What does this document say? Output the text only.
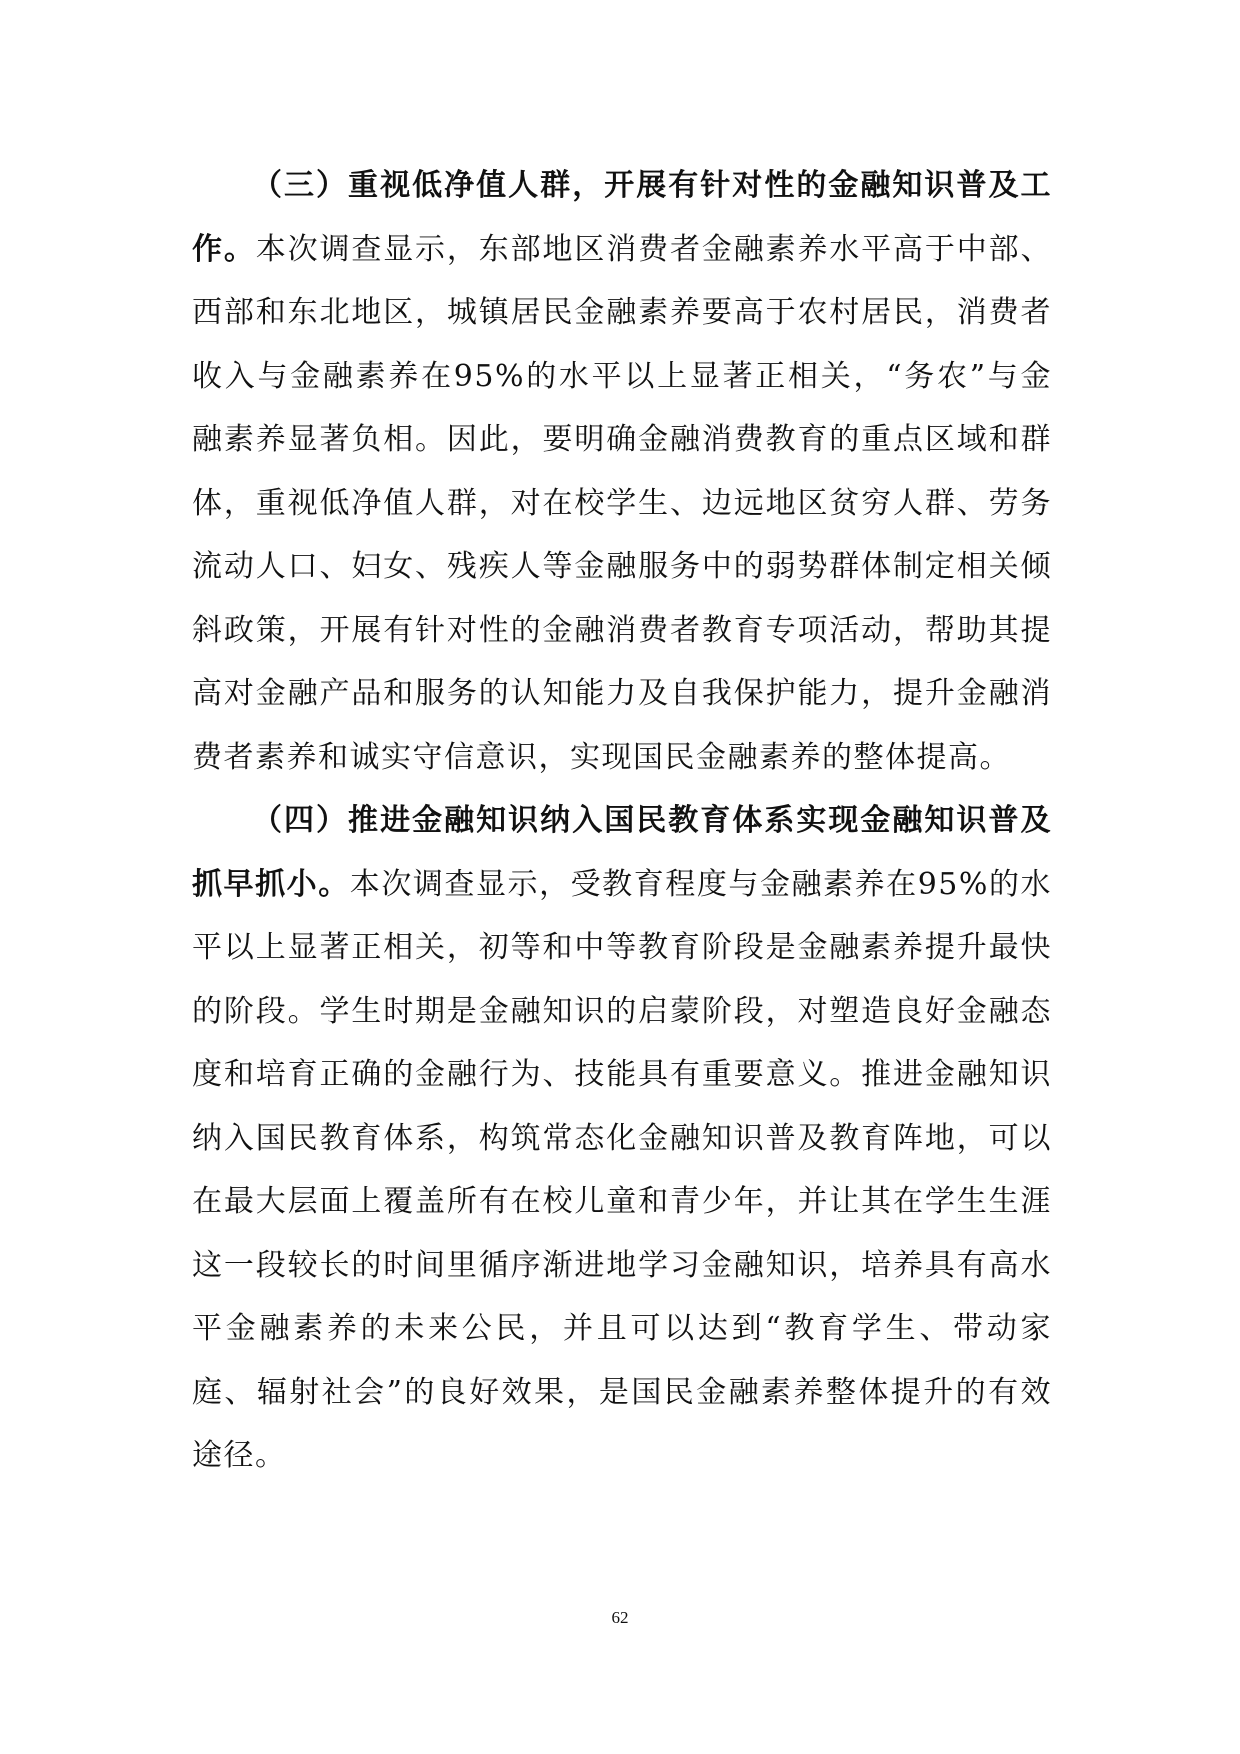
（三）重视低净值人群，开展有针对性的金融知识普及工作。本次调查显示，东部地区消费者金融素养水平高于中部、西部和东北地区，城镇居民金融素养要高于农村居民，消费者收入与金融素养在95%的水平以上显著正相关，“务农”与金融素养显著负相。因此，要明确金融消费教育的重点区域和群体，重视低净值人群，对在校学生、边远地区贫穷人群、劳务流动人口、妇女、残疾人等金融服务中的弱势群体制定相关倾斜政策，开展有针对性的金融消费者教育专项活动，帮助其提高对金融产品和服务的认知能力及自我保护能力，提升金融消费者素养和诚实守信意识，实现国民金融素养的整体提高。

（四）推进金融知识纳入国民教育体系实现金融知识普及抓早抓小。本次调查显示，受教育程度与金融素养在95%的水平以上显著正相关，初等和中等教育阶段是金融素养提升最快的阶段。学生时期是金融知识的启蒙阶段，对塑造良好金融态度和培育正确的金融行为、技能具有重要意义。推进金融知识纳入国民教育体系，构筑常态化金融知识普及教育阵地，可以在最大层面上覆盖所有在校儿童和青少年，并让其在学生生涯这一段较长的时间里循序渐进地学习金融知识，培养具有高水平金融素养的未来公民，并且可以达到“教育学生、带动家庭、辐射社会”的良好效果，是国民金融素养整体提升的有效途径。

62
